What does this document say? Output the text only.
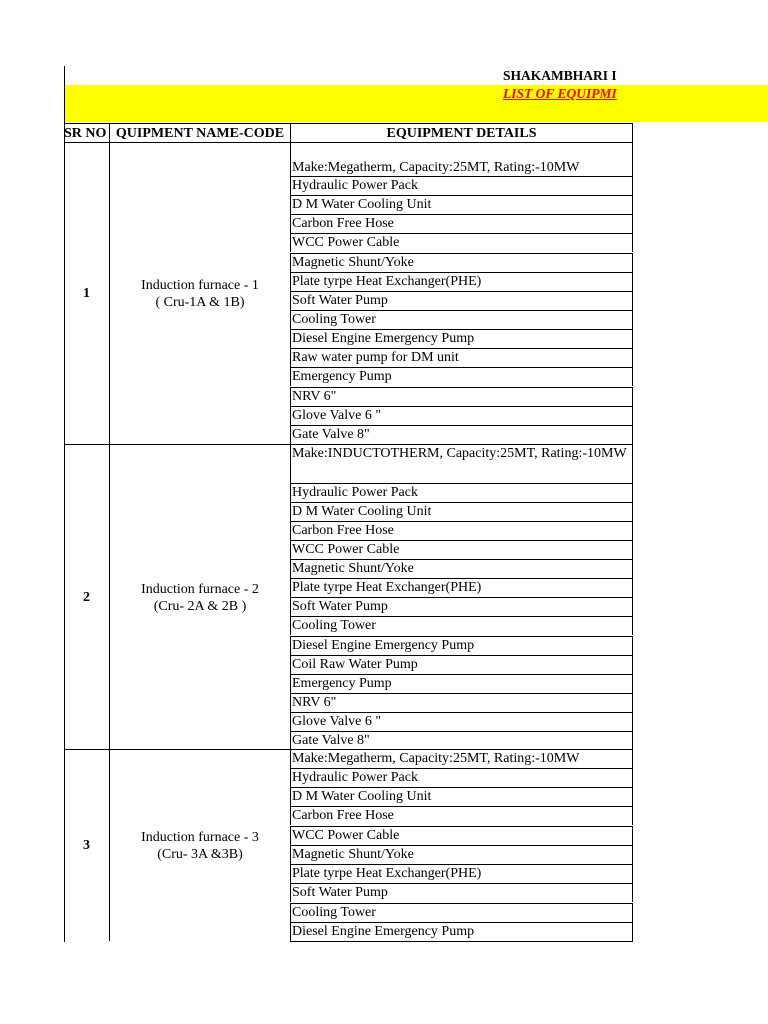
SHAKAMBHARI I
LIST OF EQUIPMI
SR NO QUIPMENT NAME-CODE	EQUIPMENT DETAILS
Make:Megatherm, Capacity:25MT, Rating:-10MW
Hydraulic Power Pack
D M Water Cooling Unit
Carbon Free Hose
WCC Power Cable
Magnetic Shunt/Yoke
Plate tyrpe Heat Exchanger(PHE)
Soft Water Pump
Cooling Tower
Diesel Engine Emergency Pump
Raw water pump for DM unit
Emergency Pump
NRV 6"
Glove Valve 6 "
Gate Valve 8"
1
Induction furnace - 1
( Cru-1A & 1B)
Make:INDUCTOTHERM, Capacity:25MT, Rating:-10MW
Hydraulic Power Pack
D M Water Cooling Unit
Carbon Free Hose
WCC Power Cable
Magnetic Shunt/Yoke
Plate tyrpe Heat Exchanger(PHE)
Soft Water Pump
Cooling Tower
Diesel Engine Emergency Pump
Coil Raw Water Pump
Emergency Pump
NRV 6"
Glove Valve 6 "
Gate Valve 8"
2
Induction furnace - 2
(Cru- 2A & 2B )
Make:Megatherm, Capacity:25MT, Rating:-10MW
Hydraulic Power Pack
D M Water Cooling Unit
Carbon Free Hose
WCC Power Cable
Magnetic Shunt/Yoke
Plate tyrpe Heat Exchanger(PHE)
Soft Water Pump
Cooling Tower
Diesel Engine Emergency Pump
3
Induction furnace - 3
(Cru- 3A &3B)
